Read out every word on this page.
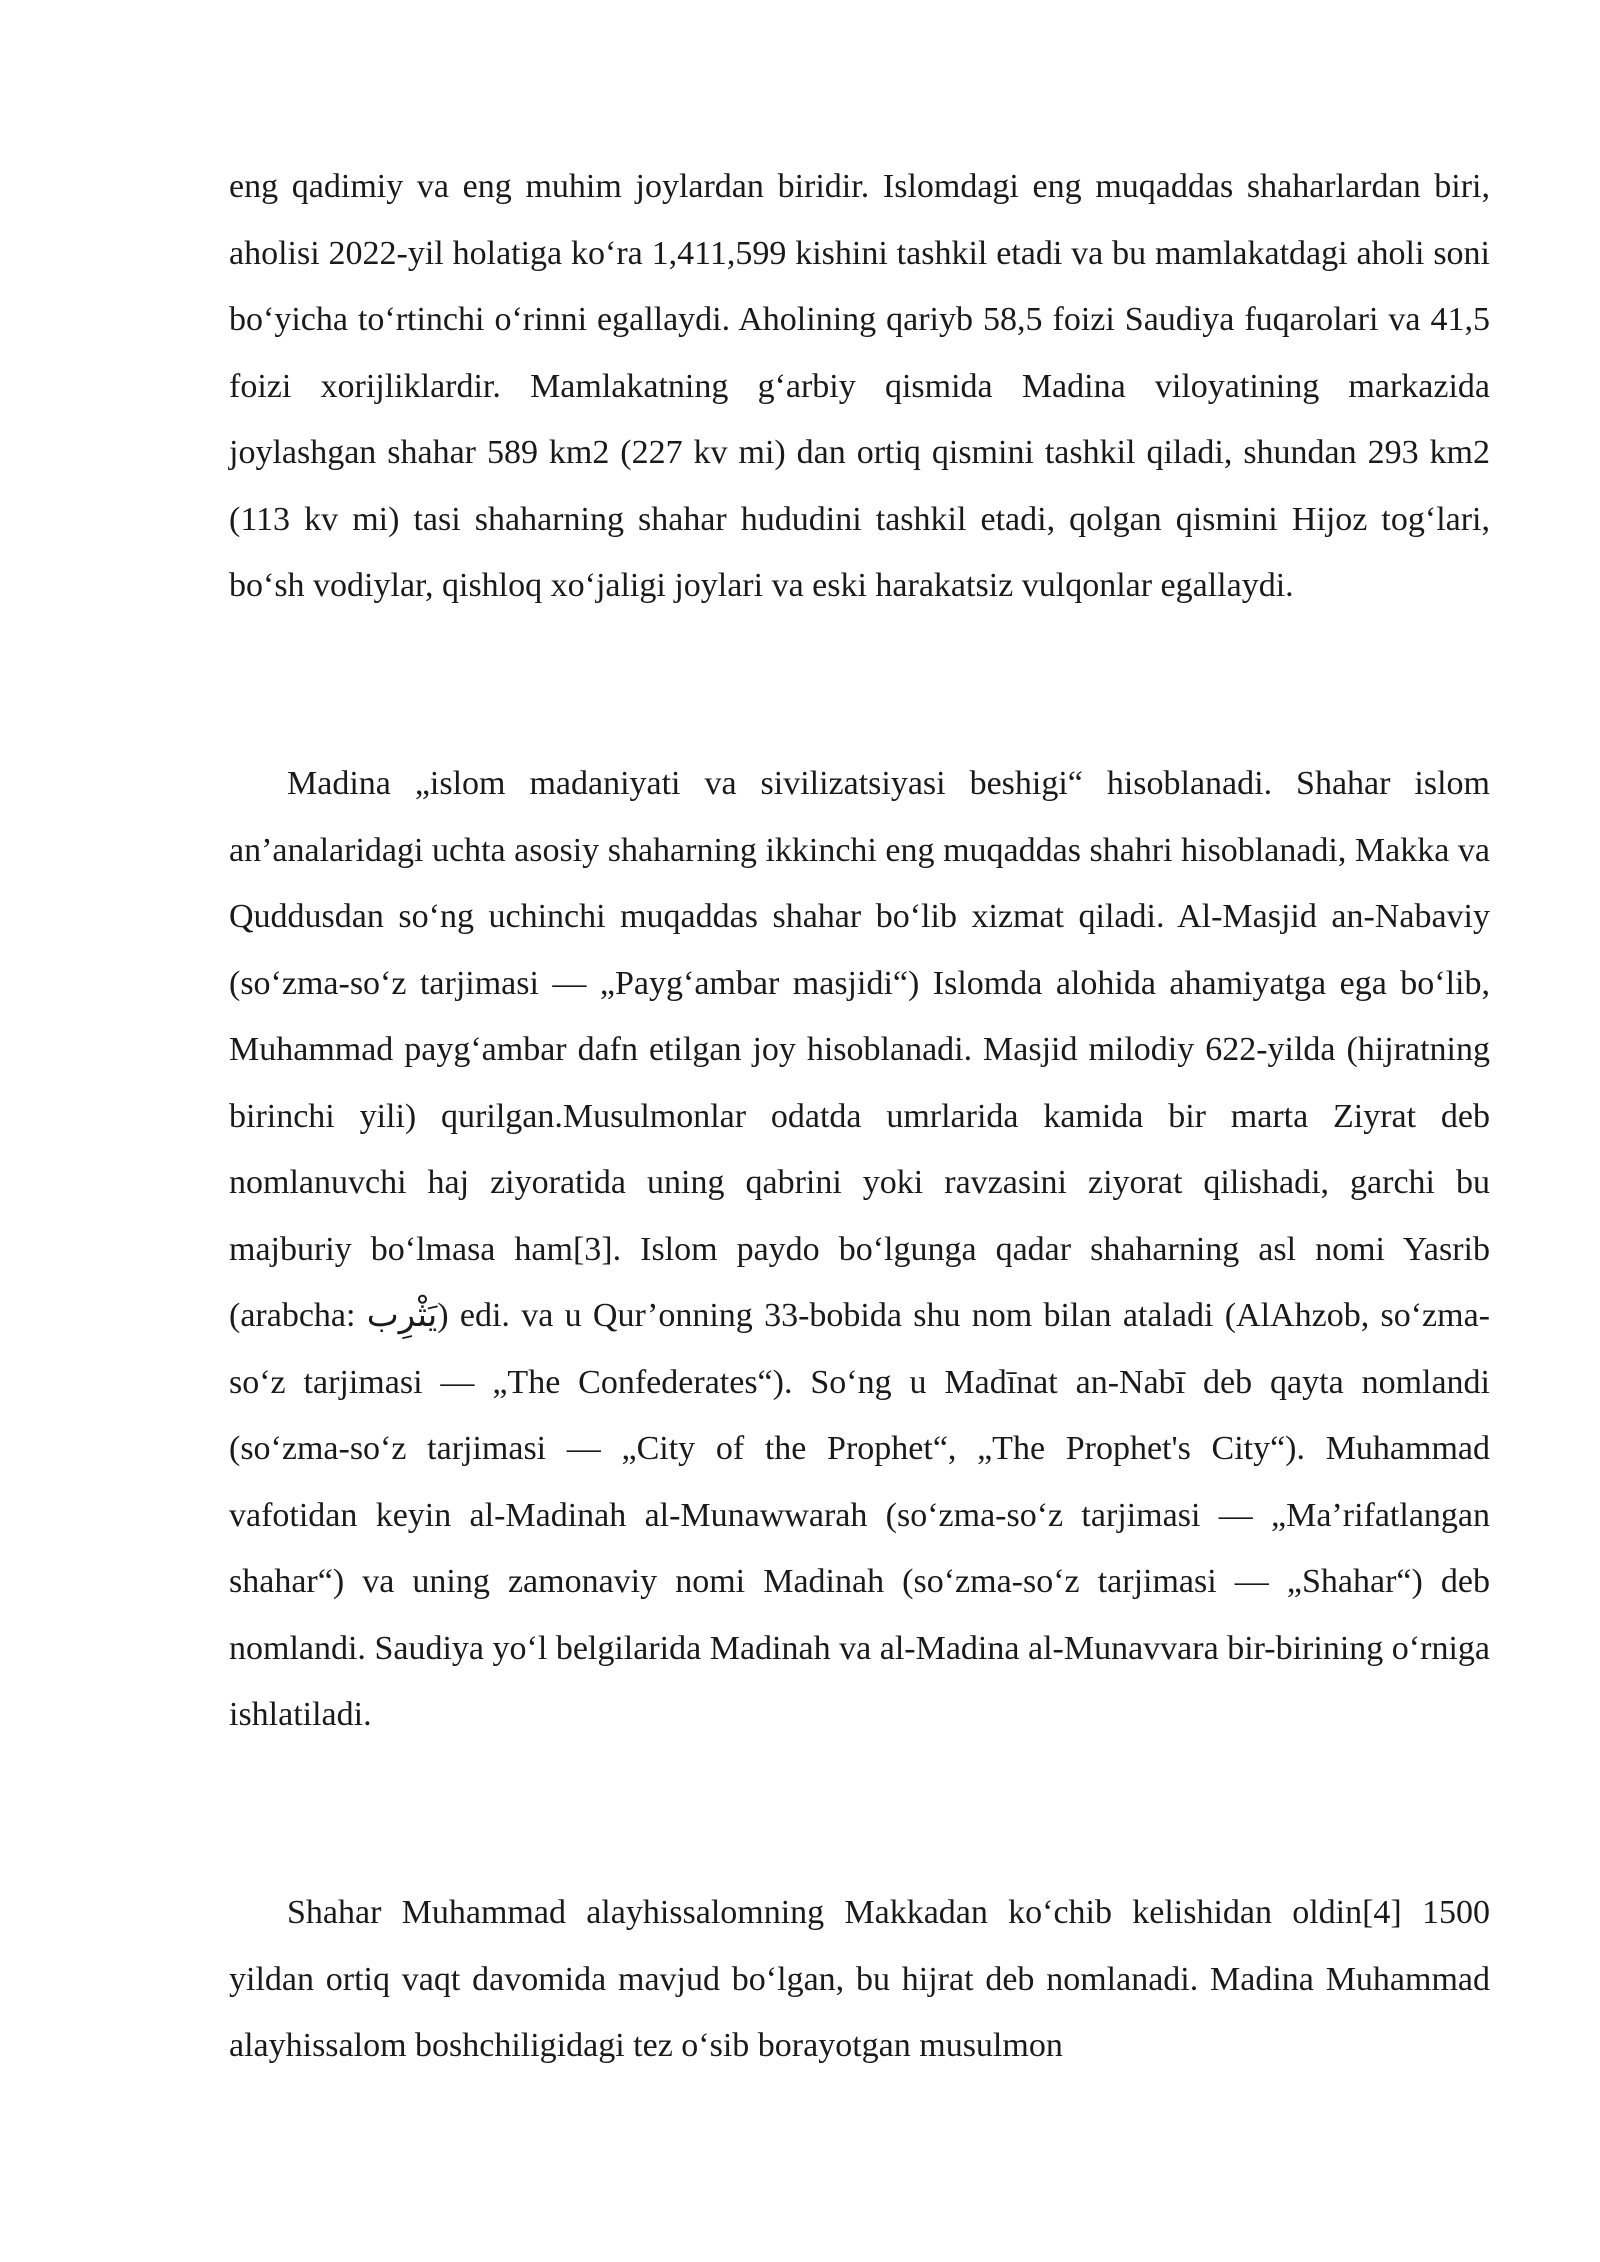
eng qadimiy va eng muhim joylardan biridir. Islomdagi eng muqaddas shaharlardan biri, aholisi 2022-yil holatiga ko‘ra 1,411,599 kishini tashkil etadi va bu mamlakatdagi aholi soni bo‘yicha to‘rtinchi o‘rinni egallaydi. Aholining qariyb 58,5 foizi Saudiya fuqarolari va 41,5 foizi xorijliklardir. Mamlakatning g‘arbiy qismida Madina viloyatining markazida joylashgan shahar 589 km2 (227 kv mi) dan ortiq qismini tashkil qiladi, shundan 293 km2 (113 kv mi) tasi shaharning shahar hududini tashkil etadi, qolgan qismini Hijoz tog‘lari, bo‘sh vodiylar, qishloq xo‘jaligi joylari va eski harakatsiz vulqonlar egallaydi.

Madina „islom madaniyati va sivilizatsiyasi beshigi“ hisoblanadi. Shahar islom an’analaridagi uchta asosiy shaharning ikkinchi eng muqaddas shahri hisoblanadi, Makka va Quddusdan so‘ng uchinchi muqaddas shahar bo‘lib xizmat qiladi. Al-Masjid an-Nabaviy (so‘zma-so‘z tarjimasi — „Payg‘ambar masjidi“) Islomda alohida ahamiyatga ega bo‘lib, Muhammad payg‘ambar dafn etilgan joy hisoblanadi. Masjid milodiy 622-yilda (hijratning birinchi yili) qurilgan.Musulmonlar odatda umrlarida kamida bir marta Ziyrat deb nomlanuvchi haj ziyoratida uning qabrini yoki ravzasini ziyorat qilishadi, garchi bu majburiy bo‘lmasa ham[3]. Islom paydo bo‘lgunga qadar shaharning asl nomi Yasrib (arabcha: يَثْرِب) edi. va u Qur’onning 33-bobida shu nom bilan ataladi (AlAhzob, so‘zma-so‘z tarjimasi — „The Confederates“). So‘ng u Madīnat an-Nabī deb qayta nomlandi (so‘zma-so‘z tarjimasi — „City of the Prophet“, „The Prophet's City“). Muhammad vafotidan keyin al-Madinah al-Munawwarah (so‘zma-so‘z tarjimasi — „Ma’rifatlangan shahar“) va uning zamonaviy nomi Madinah (so‘zma-so‘z tarjimasi — „Shahar“) deb nomlandi. Saudiya yo‘l belgilarida Madinah va al-Madina al-Munavvara bir-birining o‘rniga ishlatiladi.

Shahar Muhammad alayhissalomning Makkadan ko‘chib kelishidan oldin[4] 1500 yildan ortiq vaqt davomida mavjud bo‘lgan, bu hijrat deb nomlanadi. Madina Muhammad alayhissalom boshchiligidagi tez o‘sib borayotgan musulmon
